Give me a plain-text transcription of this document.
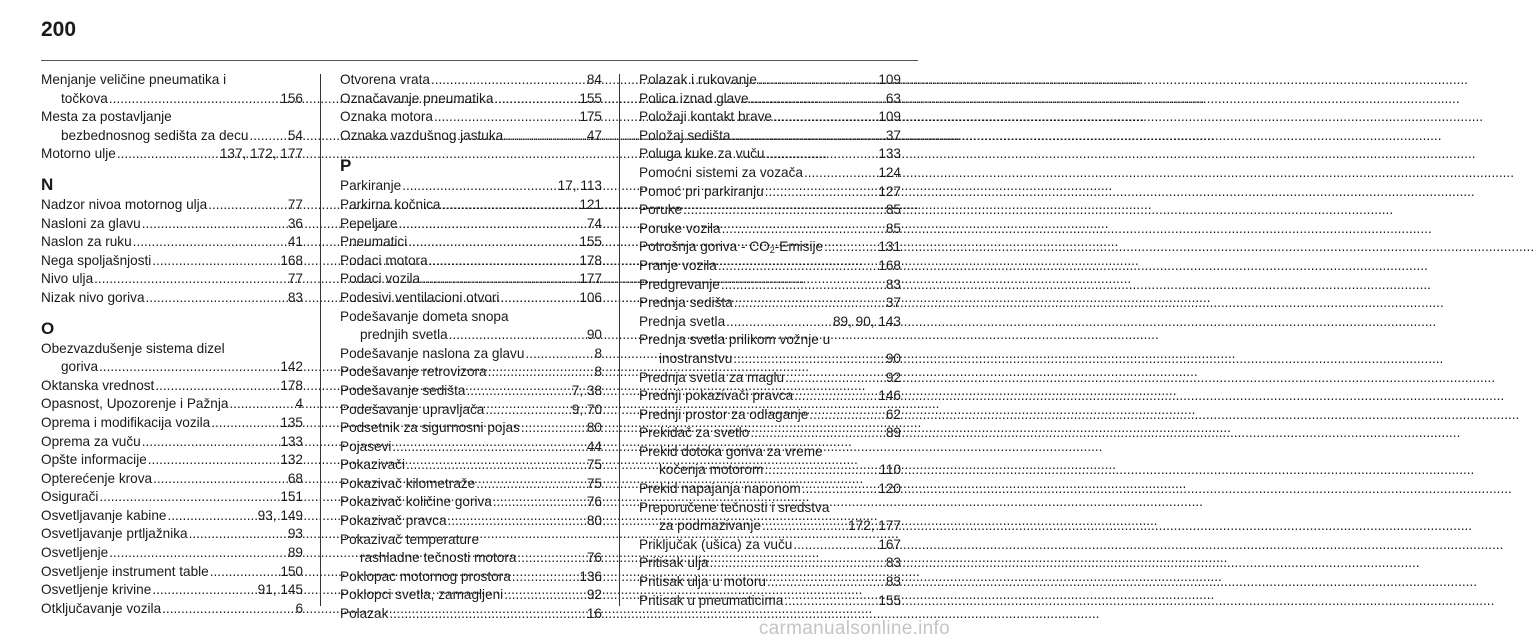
200
Menjanje veličine pneumatika i
točkova .....	156
Mesta za postavljanje
bezbednosnog sedišta za decu .....	54
Motorno ulje .....	137, 172, 177
N
Nadzor nivoa motornog ulja .....	77
Nasloni za glavu .....	36
Naslon za ruku .....	41
Nega spoljašnjosti .....	168
Nivo ulja .....	77
Nizak nivo goriva .....	83
O
Obezvazdušenje sistema dizel
goriva .....	142
Oktanska vrednost .....	178
Opasnost, Upozorenje i Pažnja .....	4
Oprema i modifikacija vozila .....	135
Oprema za vuču .....	133
Opšte informacije .....	132
Opterećenje krova .....	68
Osigurači .....	151
Osvetljavanje kabine .....	93, 149
Osvetljavanje prtljažnika .....	93
Osvetljenje .....	89
Osvetljenje instrument table .....	150
Osvetljenje krivine .....	91, 145
Otključavanje vozila .....	6
Otvorena vrata .....	84
Označavanje pneumatika .....	155
Oznaka motora .....	175
Oznaka vazdušnog jastuka .....	47
P
Parkiranje .....	17, 113
Parkirna kočnica .....	121
Pepeljare .....	74
Pneumatici .....	155
Podaci motora .....	178
Podaci vozila .....	177
Podesivi ventilacioni otvori .....	106
Podešavanje dometa snopa
prednjih svetla .....	90
Podešavanje naslona za glavu .....	8
Podešavanje retrovizora .....	8
Podešavanje sedišta .....	7, 38
Podešavanje upravljača .....	9, 70
Podsetnik za sigurnosni pojas .....	80
Pojasevi .....	44
Pokazivači .....	75
Pokazivač kilometraže .....	75
Pokazivač količine goriva .....	76
Pokazivač pravca .....	80
Pokazivač temperature
rashladne tečnosti motora .....	76
Poklopac motornog prostora .....	136
Poklopci svetla, zamagljeni .....	92
Polazak .....	16
Polazak i rukovanje .....	109
Polica iznad glave .....	63
Položaji kontakt brave .....	109
Položaj sedišta .....	37
Poluga kuke za vuču .....	133
Pomoćni sistemi za vozača .....	124
Pomoć pri parkiranju .....	127
Poruke .....	85
Poruke vozila .....	85
Potrošnja goriva - $CO_2$-Emisije .....	131
Pranje vozila .....	168
Predgrevanje .....	83
Prednja sedišta .....	37
Prednja svetla .....	89, 90, 143
Prednja svetla prilikom vožnje u
inostranstvu .....	90
Prednja svetla za maglu .....	92
Prednji pokazivači pravca .....	146
Prednji prostor za odlaganje .....	62
Prekidač za svetlo .....	89
Prekid dotoka goriva za vreme
kočenja motorom .....	110
Prekid napajanja naponom .....	120
Preporučene tečnosti i sredstva
za podmazivanje .....	172, 177
Priključak (ušica) za vuču .....	167
Pritisak ulja .....	83
Pritisak ulja u motoru .....	83
Pritisak u pneumaticima .....	155
carmanualsonline.info
